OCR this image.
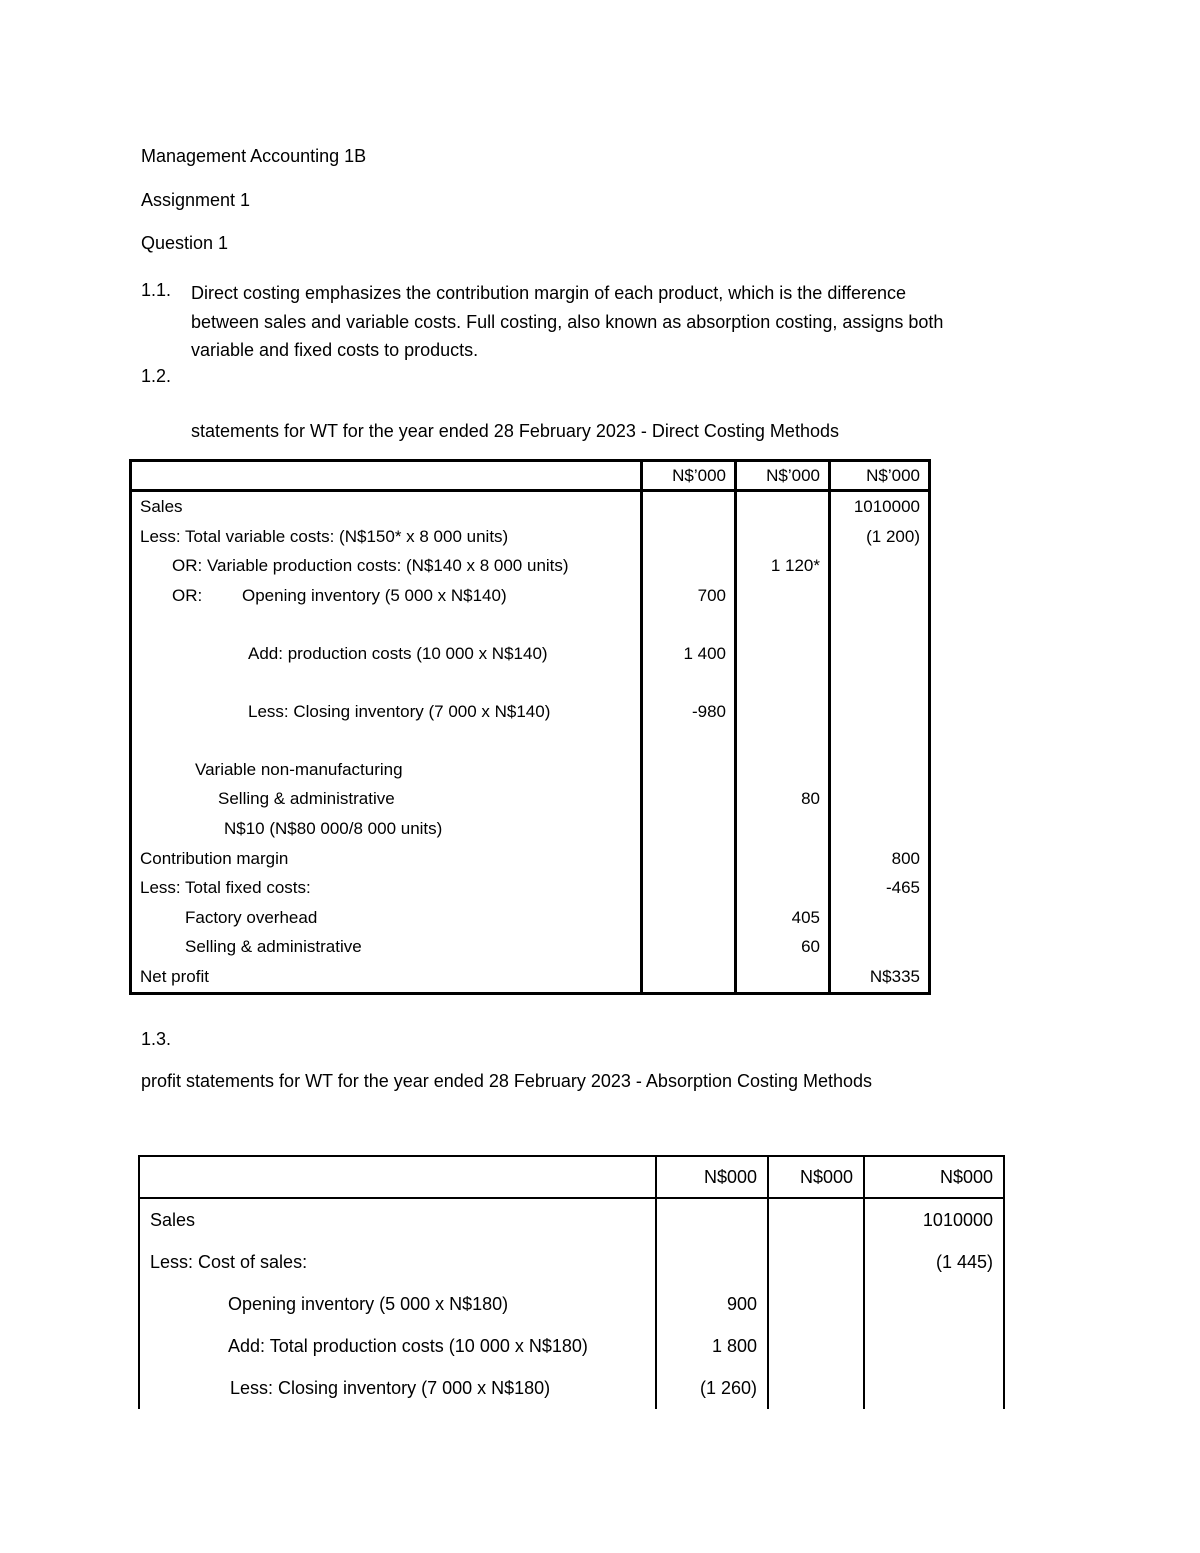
Management Accounting 1B
Assignment 1
Question 1
1.1. Direct costing emphasizes the contribution margin of each product, which is the difference
between sales and variable costs. Full costing, also known as absorption costing, assigns both
variable and fixed costs to products.
1.2.
statements for WT for the year ended 28 February 2023 - Direct Costing Methods
	N$’000	N$’000	N$’000
Sales			1010000
Less: Total variable costs: (N$150* x 8 000 units)			(1 200)
OR: Variable production costs: (N$140 x 8 000 units)		1 120*	
OR: Opening inventory (5 000 x N$140)	700		
Add: production costs (10 000 x N$140)	1 400		
Less: Closing inventory (7 000 x N$140)	-980		
Variable non-manufacturing			
Selling & administrative		80	
N$10 (N$80 000/8 000 units)			
Contribution margin			800
Less: Total fixed costs:			-465
Factory overhead		405	
Selling & administrative		60	
Net profit			N$335
1.3.
profit statements for WT for the year ended 28 February 2023 - Absorption Costing Methods
	N$000	N$000	N$000
Sales			1010000
Less: Cost of sales:			(1 445)
Opening inventory (5 000 x N$180)	900		
Add: Total production costs (10 000 x N$180)	1 800		
Less: Closing inventory (7 000 x N$180)	(1 260)		
